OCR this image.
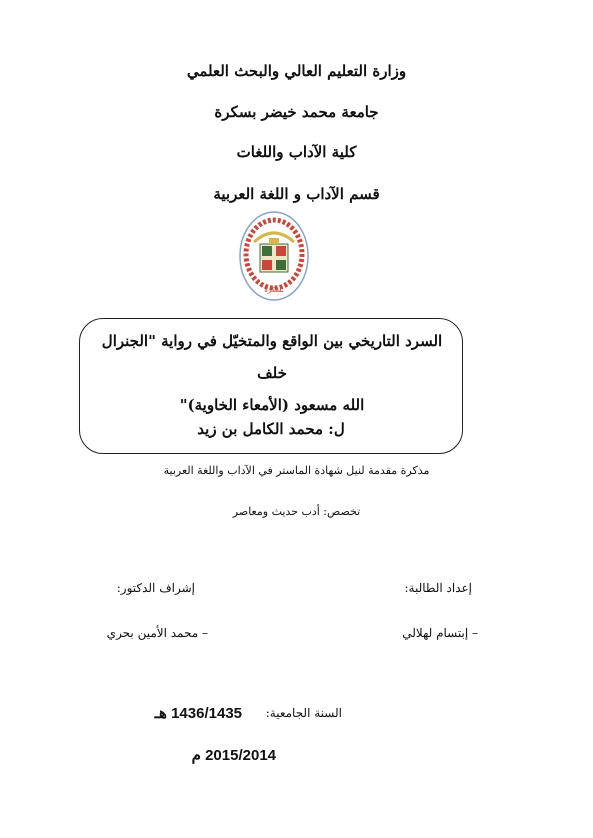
وزارة التعليم العالي والبحث العلمي
جامعة محمد خيضر بسكرة
كلية الآداب واللغات
قسم الآداب و اللغة العربية
بسكرة
السرد التاريخي بين الواقع والمتخيّل في رواية "الجنرال خلف
الله مسعود (الأمعاء الخاوية)"
ل: محمد الكامل بن زيد
مذكرة مقدمة لنيل شهادة الماستر في الآداب واللغة العربية
تخصص: أدب حديث ومعاصر
إعداد الطالبة:
إشراف الدكتور:
– إبتسام لهلالي
– محمد الأمين بحري
السنة الجامعية:
1436/1435 هـ
2015/2014 م
